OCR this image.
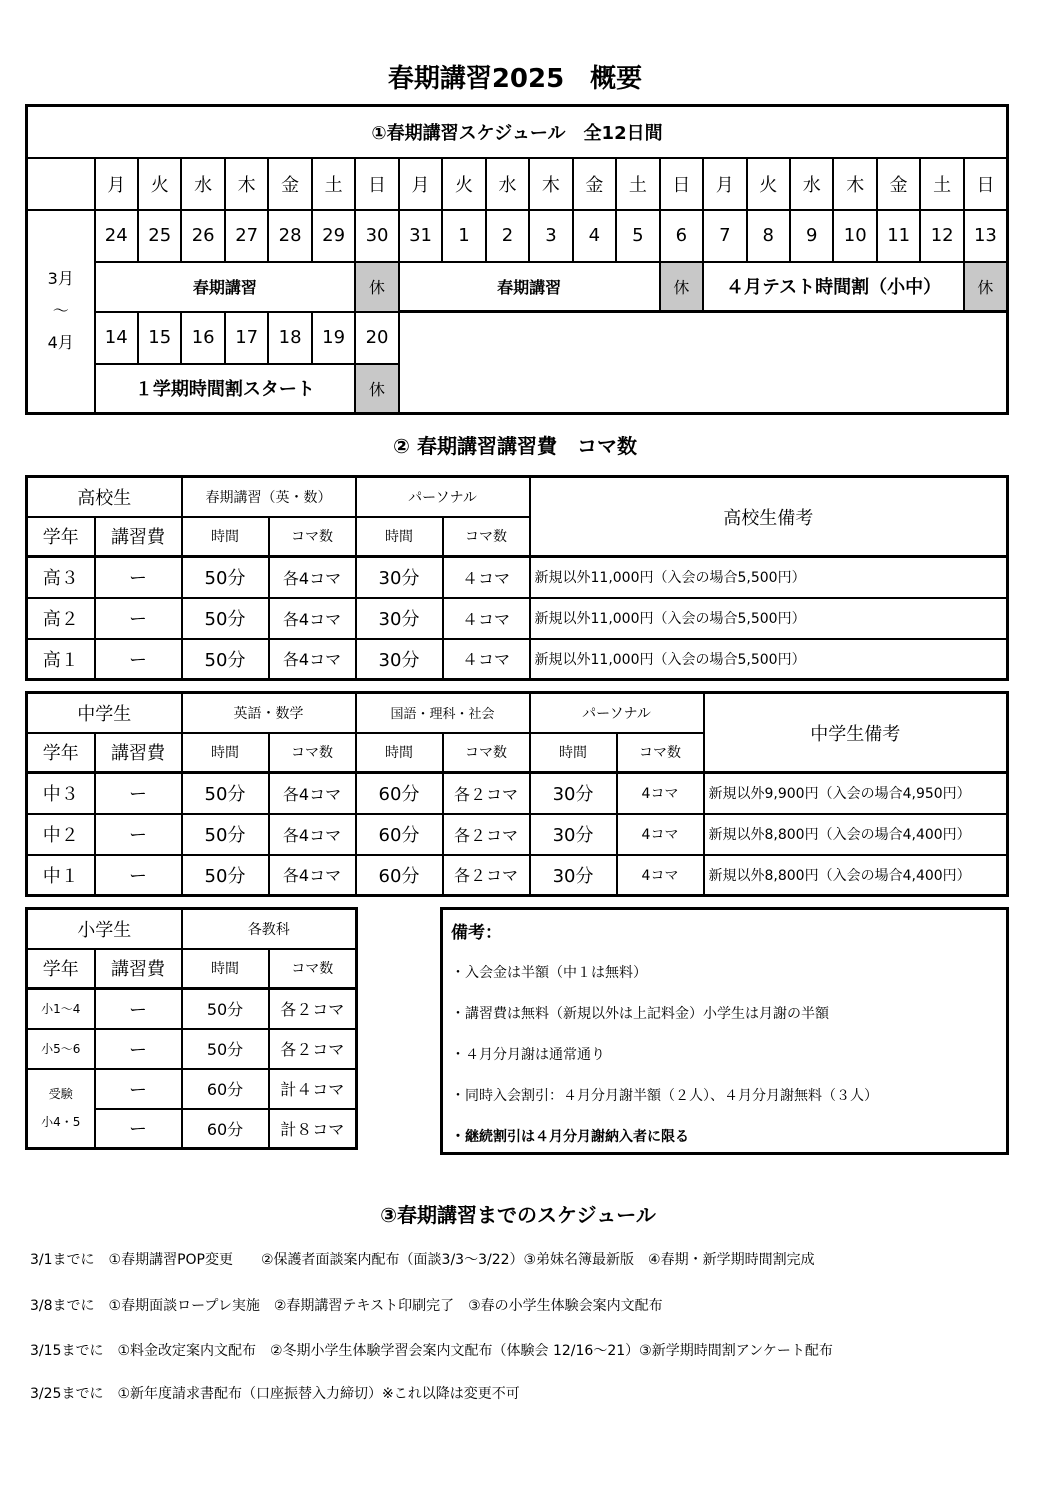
春期講習2025　概要
①春期講習スケジュール　全12日間																					
	月	火	水	木	金	土	日	月	火	水	木	金	土	日	月	火	水	木	金	土	日
3月
～
4月	24	25	26	27	28	29	30	31	1	2	3	4	5	6	7	8	9	10	11	12	13
	春期講習						休	春期講習						休	４月テスト時間割（小中）						休
	14	15	16	17	18	19	20														
	１学期時間割スタート						休														
② 春期講習講習費　コマ数
高校生		春期講習（英・数）		パーソナル		高校生備考
学年	講習費	時間	コマ数	時間	コマ数	
高３	ー	50分	各4コマ	30分	４コマ	新規以外11,000円（入会の場合5,500円）
高２	ー	50分	各4コマ	30分	４コマ	新規以外11,000円（入会の場合5,500円）
高１	ー	50分	各4コマ	30分	４コマ	新規以外11,000円（入会の場合5,500円）
中学生		英語・数学		国語・理科・社会		パーソナル		中学生備考
学年	講習費	時間	コマ数	時間	コマ数	時間	コマ数	
中３	ー	50分	各4コマ	60分	各２コマ	30分	4コマ	新規以外9,900円（入会の場合4,950円）
中２	ー	50分	各4コマ	60分	各２コマ	30分	4コマ	新規以外8,800円（入会の場合4,400円）
中１	ー	50分	各4コマ	60分	各２コマ	30分	4コマ	新規以外8,800円（入会の場合4,400円）
小学生		各教科	
学年	講習費	時間	コマ数
小1～4	ー	50分	各２コマ
小5～6	ー	50分	各２コマ
受験
小4・5	ー	60分	計４コマ
	ー	60分	計８コマ
備考：
・入会金は半額（中１は無料）
・講習費は無料（新規以外は上記料金）小学生は月謝の半額
・４月分月謝は通常通り
・同時入会割引：４月分月謝半額（２人）、４月分月謝無料（３人）
・継続割引は４月分月謝納入者に限る
③春期講習までのスケジュール
3/1までに　①春期講習POP変更　　②保護者面談案内配布（面談3/3～3/22）③弟妹名簿最新版　④春期・新学期時間割完成
3/8までに　①春期面談ロープレ実施　②春期講習テキスト印刷完了　③春の小学生体験会案内文配布
3/15までに　①料金改定案内文配布　②冬期小学生体験学習会案内文配布（体験会 12/16～21）③新学期時間割アンケート配布
3/25までに　①新年度請求書配布（口座振替入力締切）※これ以降は変更不可
